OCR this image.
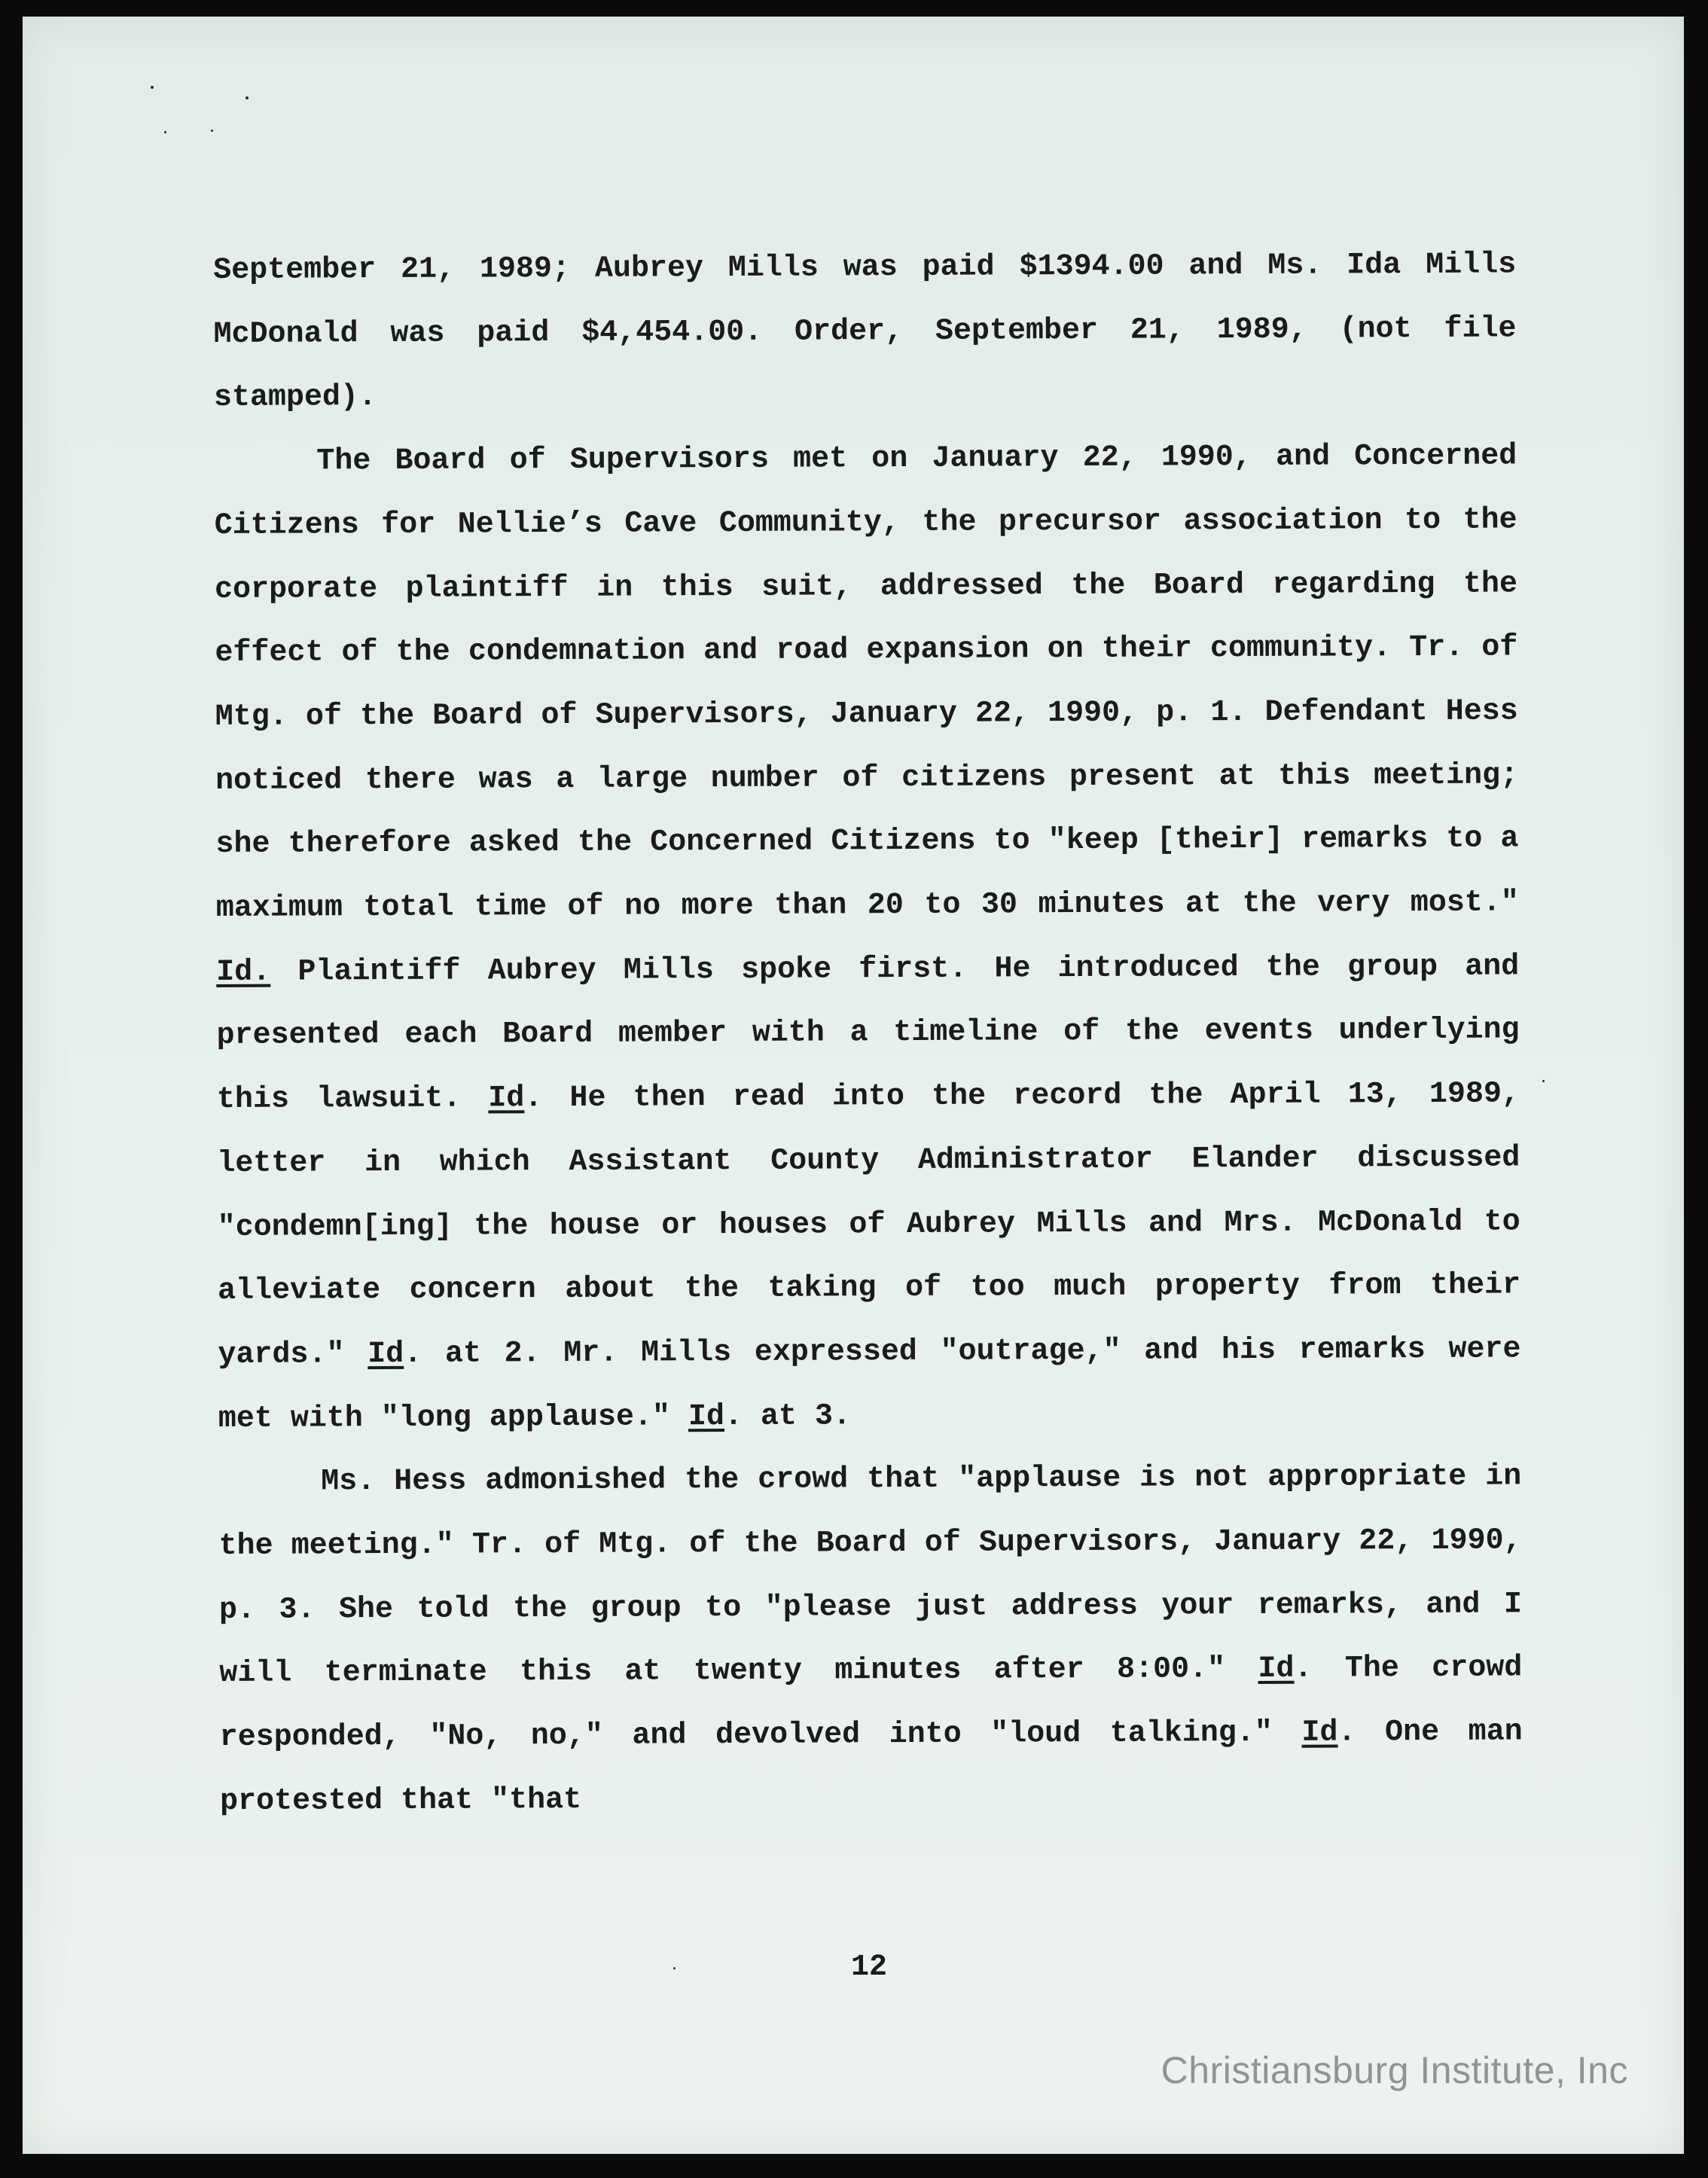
September 21, 1989; Aubrey Mills was paid $1394.00 and Ms. Ida Mills McDonald was paid $4,454.00. Order, September 21, 1989, (not file stamped).

The Board of Supervisors met on January 22, 1990, and Concerned Citizens for Nellie’s Cave Community, the precursor association to the corporate plaintiff in this suit, addressed the Board regarding the effect of the condemnation and road expansion on their community. Tr. of Mtg. of the Board of Supervisors, January 22, 1990, p. 1. Defendant Hess noticed there was a large number of citizens present at this meeting; she therefore asked the Concerned Citizens to "keep [their] remarks to a maximum total time of no more than 20 to 30 minutes at the very most." Id. Plaintiff Aubrey Mills spoke first. He introduced the group and presented each Board member with a timeline of the events underlying this lawsuit. Id. He then read into the record the April 13, 1989, letter in which Assistant County Administrator Elander discussed "condemn[ing] the house or houses of Aubrey Mills and Mrs. McDonald to alleviate concern about the taking of too much property from their yards." Id. at 2. Mr. Mills expressed "outrage," and his remarks were met with "long applause." Id. at 3.

Ms. Hess admonished the crowd that "applause is not appropriate in the meeting." Tr. of Mtg. of the Board of Supervisors, January 22, 1990, p. 3. She told the group to "please just address your remarks, and I will terminate this at twenty minutes after 8:00." Id. The crowd responded, "No, no," and devolved into "loud talking." Id. One man protested that "that

12
Christiansburg Institute, Inc
